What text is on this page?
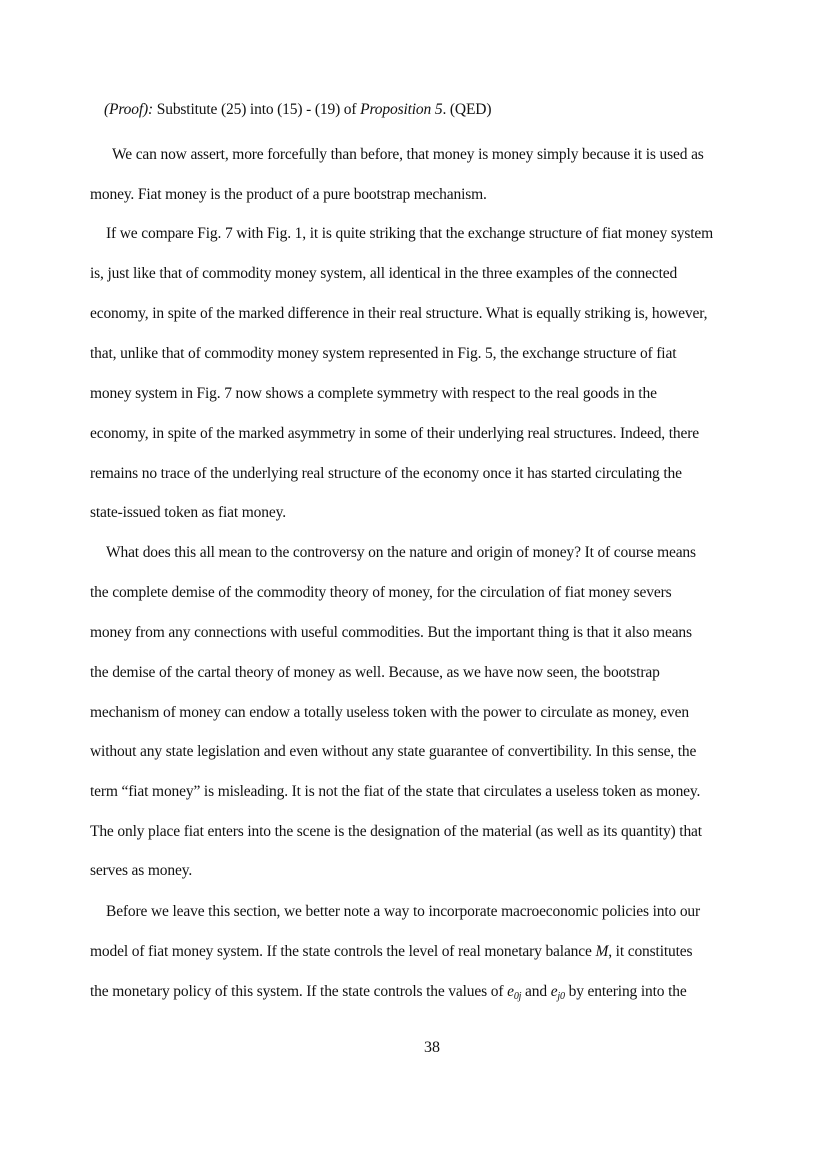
(Proof): Substitute (25) into (15) - (19) of Proposition 5. (QED)
We can now assert, more forcefully than before, that money is money simply because it is used as
money. Fiat money is the product of a pure bootstrap mechanism.
If we compare Fig. 7 with Fig. 1, it is quite striking that the exchange structure of fiat money system
is, just like that of commodity money system, all identical in the three examples of the connected
economy, in spite of the marked difference in their real structure. What is equally striking is, however,
that, unlike that of commodity money system represented in Fig. 5, the exchange structure of fiat
money system in Fig. 7 now shows a complete symmetry with respect to the real goods in the
economy, in spite of the marked asymmetry in some of their underlying real structures. Indeed, there
remains no trace of the underlying real structure of the economy once it has started circulating the
state-issued token as fiat money.
What does this all mean to the controversy on the nature and origin of money? It of course means
the complete demise of the commodity theory of money, for the circulation of fiat money severs
money from any connections with useful commodities. But the important thing is that it also means
the demise of the cartal theory of money as well. Because, as we have now seen, the bootstrap
mechanism of money can endow a totally useless token with the power to circulate as money, even
without any state legislation and even without any state guarantee of convertibility. In this sense, the
term “fiat money” is misleading. It is not the fiat of the state that circulates a useless token as money.
The only place fiat enters into the scene is the designation of the material (as well as its quantity) that
serves as money.
Before we leave this section, we better note a way to incorporate macroeconomic policies into our
model of fiat money system. If the state controls the level of real monetary balance M, it constitutes
the monetary policy of this system. If the state controls the values of $e_{0j}$ and $e_{j0}$ by entering into the
38
